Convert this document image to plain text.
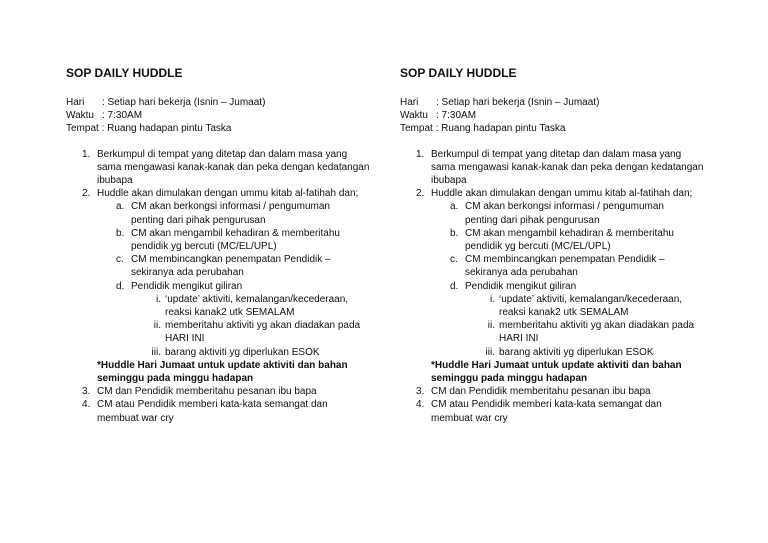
SOP DAILY HUDDLE
Hari : Setiap hari bekerja (Isnin – Jumaat)
Waktu : 7:30AM
Tempat : Ruang hadapan pintu Taska
1. Berkumpul di tempat yang ditetap dan dalam masa yang
sama mengawasi kanak-kanak dan peka dengan kedatangan
ibubapa
2. Huddle akan dimulakan dengan ummu kitab al-fatihah dan;
a. CM akan berkongsi informasi / pengumuman
penting dari pihak pengurusan
b. CM akan mengambil kehadiran & memberitahu
pendidik yg bercuti (MC/EL/UPL)
c. CM membincangkan penempatan Pendidik –
sekiranya ada perubahan
d. Pendidik mengikut giliran
i. ‘update’ aktiviti, kemalangan/kecederaan,
reaksi kanak2 utk SEMALAM
ii. memberitahu aktiviti yg akan diadakan pada
HARI INI
iii. barang aktiviti yg diperlukan ESOK
*Huddle Hari Jumaat untuk update aktiviti dan bahan
seminggu pada minggu hadapan
3. CM dan Pendidik memberitahu pesanan ibu bapa
4. CM atau Pendidik memberi kata-kata semangat dan
membuat war cry
SOP DAILY HUDDLE
Hari : Setiap hari bekerja (Isnin – Jumaat)
Waktu : 7:30AM
Tempat : Ruang hadapan pintu Taska
1. Berkumpul di tempat yang ditetap dan dalam masa yang
sama mengawasi kanak-kanak dan peka dengan kedatangan
ibubapa
2. Huddle akan dimulakan dengan ummu kitab al-fatihah dan;
a. CM akan berkongsi informasi / pengumuman
penting dari pihak pengurusan
b. CM akan mengambil kehadiran & memberitahu
pendidik yg bercuti (MC/EL/UPL)
c. CM membincangkan penempatan Pendidik –
sekiranya ada perubahan
d. Pendidik mengikut giliran
i. ‘update’ aktiviti, kemalangan/kecederaan,
reaksi kanak2 utk SEMALAM
ii. memberitahu aktiviti yg akan diadakan pada
HARI INI
iii. barang aktiviti yg diperlukan ESOK
*Huddle Hari Jumaat untuk update aktiviti dan bahan
seminggu pada minggu hadapan
3. CM dan Pendidik memberitahu pesanan ibu bapa
4. CM atau Pendidik memberi kata-kata semangat dan
membuat war cry
